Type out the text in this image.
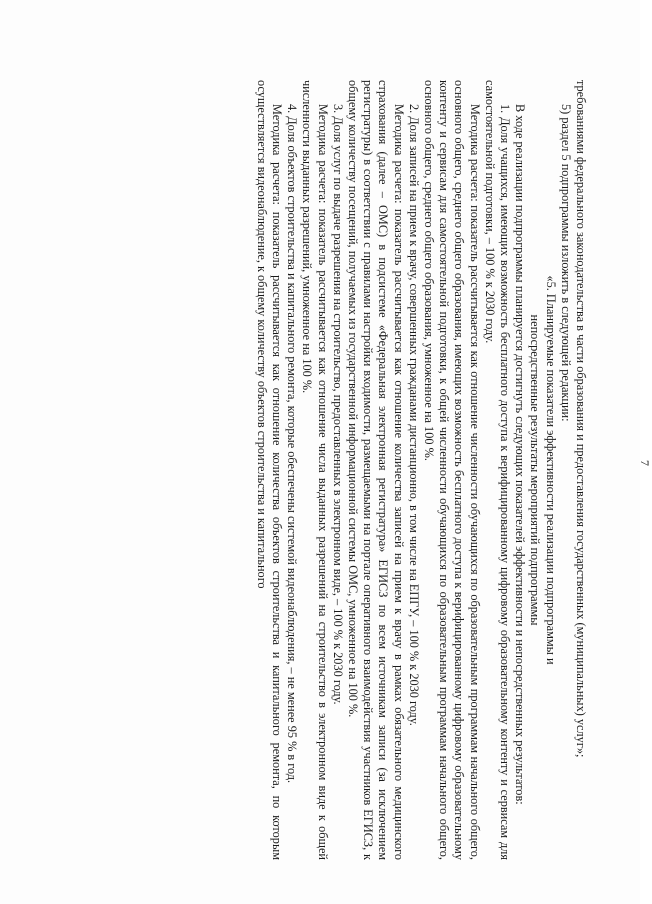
7

требованиями федерального законодательства в части образования и предоставления государственных (муниципальных) услуг»;

5) раздел 5 подпрограммы изложить в следующей редакции:

«5. Планируемые показатели эффективности реализации подпрограммы и непосредственные результаты мероприятий подпрограммы

В ходе реализации подпрограммы планируется достигнуть следующих показателей эффективности и непосредственных результатов:

1. Доля учащихся, имеющих возможность бесплатного доступа к верифицированному цифровому образовательному контенту и сервисам для самостоятельной подготовки, – 100 % к 2030 году.

Методика расчета: показатель рассчитывается как отношение численности обучающихся по образовательным программам начального общего, основного общего, среднего общего образования, имеющих возможность бесплатного доступа к верифицированному цифровому образовательному контенту и сервисам для самостоятельной подготовки, к общей численности обучающихся по образовательным программам начального общего, основного общего, среднего общего образования, умноженное на 100 %.

2. Доля записей на прием к врачу, совершенных гражданами дистанционно, в том числе на ЕПГУ, – 100 % к 2030 году.

Методика расчета: показатель рассчитывается как отношение количества записей на прием к врачу в рамках обязательного медицинского страхования (далее – ОМС) в подсистеме «Федеральная электронная регистратура» ЕГИСЗ по всем источникам записи (за исключением регистратуры) в соответствии с правилами настройки входимости, размещаемыми на портале оперативного взаимодействия участников ЕГИСЗ, к общему количеству посещений, получаемых из государственной информационной системы ОМС, умноженное на 100 %.

3. Доля услуг по выдаче разрешения на строительство, предоставленных в электронном виде, – 100 % к 2030 году.

Методика расчета: показатель рассчитывается как отношение числа выданных разрешений на строительство в электронном виде к общей численности выданных разрешений, умноженное на 100 %.

4. Доля объектов строительства и капитального ремонта, которые обеспечены системой видеонаблюдения, – не менее 95 % в год.

Методика расчета: показатель рассчитывается как отношение количества объектов строительства и капитального ремонта, по которым осуществляется видеонаблюдение, к общему количеству объектов строительства и капитального
